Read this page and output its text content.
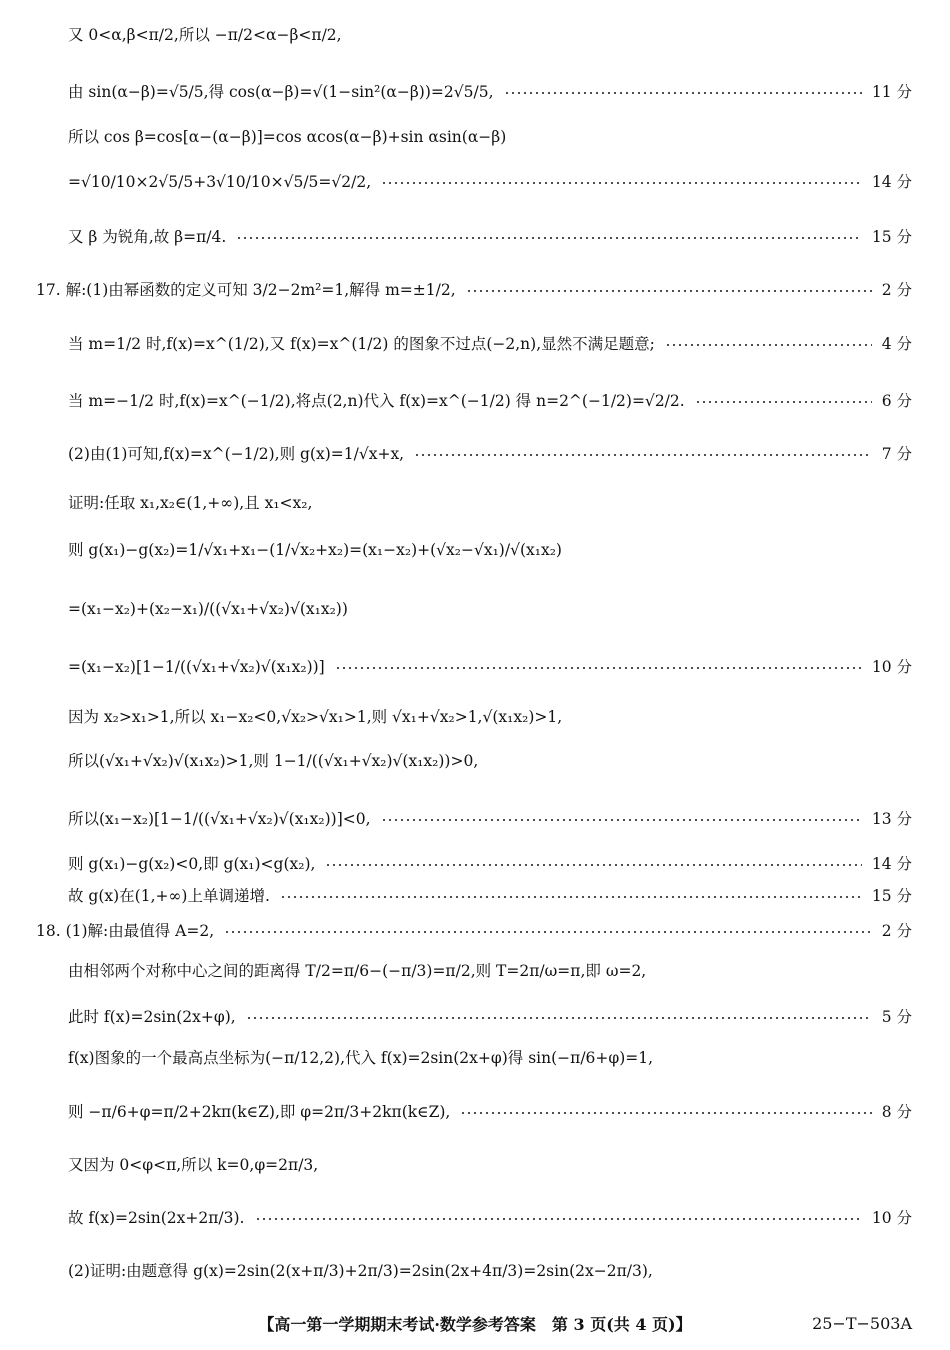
又 0<α,β<π/2,所以 −π/2<α−β<π/2,
由 sin(α−β)=√5/5,得 cos(α−β)=√(1−sin²(α−β))=2√5/5,	11 分
所以 cos β=cos[α−(α−β)]=cos αcos(α−β)+sin αsin(α−β)
=√10/10×2√5/5+3√10/10×√5/5=√2/2,	14 分
又 β 为锐角,故 β=π/4.	15 分
17. 解:(1)由幂函数的定义可知 3/2−2m²=1,解得 m=±1/2,	2 分
当 m=1/2 时,f(x)=x^(1/2),又 f(x)=x^(1/2) 的图象不过点(−2,n),显然不满足题意;	4 分
当 m=−1/2 时,f(x)=x^(−1/2),将点(2,n)代入 f(x)=x^(−1/2) 得 n=2^(−1/2)=√2/2.	6 分
(2)由(1)可知,f(x)=x^(−1/2),则 g(x)=1/√x+x,	7 分
证明:任取 x₁,x₂∈(1,+∞),且 x₁<x₂,
则 g(x₁)−g(x₂)=1/√x₁+x₁−(1/√x₂+x₂)=(x₁−x₂)+(√x₂−√x₁)/√(x₁x₂)
=(x₁−x₂)+(x₂−x₁)/((√x₁+√x₂)√(x₁x₂))
=(x₁−x₂)[1−1/((√x₁+√x₂)√(x₁x₂))]	10 分
因为 x₂>x₁>1,所以 x₁−x₂<0,√x₂>√x₁>1,则 √x₁+√x₂>1,√(x₁x₂)>1,
所以(√x₁+√x₂)√(x₁x₂)>1,则 1−1/((√x₁+√x₂)√(x₁x₂))>0,
所以(x₁−x₂)[1−1/((√x₁+√x₂)√(x₁x₂))]<0,	13 分
则 g(x₁)−g(x₂)<0,即 g(x₁)<g(x₂),	14 分
故 g(x)在(1,+∞)上单调递增.	15 分
18. (1)解:由最值得 A=2,	2 分
由相邻两个对称中心之间的距离得 T/2=π/6−(−π/3)=π/2,则 T=2π/ω=π,即 ω=2,
此时 f(x)=2sin(2x+φ),	5 分
f(x)图象的一个最高点坐标为(−π/12,2),代入 f(x)=2sin(2x+φ)得 sin(−π/6+φ)=1,
则 −π/6+φ=π/2+2kπ(k∈Z),即 φ=2π/3+2kπ(k∈Z),	8 分
又因为 0<φ<π,所以 k=0,φ=2π/3,
故 f(x)=2sin(2x+2π/3).	10 分
(2)证明:由题意得 g(x)=2sin(2(x+π/3)+2π/3)=2sin(2x+4π/3)=2sin(2x−2π/3),
【高一第一学期期末考试·数学参考答案　第 3 页(共 4 页)】	25−T−503A
